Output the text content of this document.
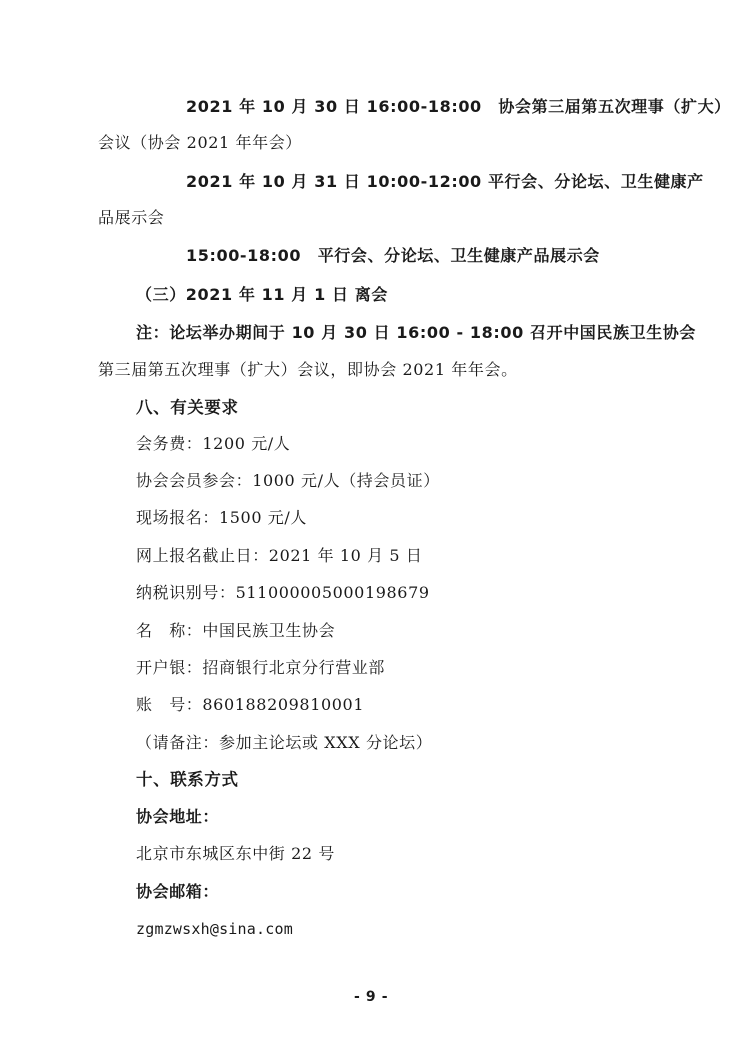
2021 年 10 月 30 日 16:00-18:00　协会第三届第五次理事（扩大）
会议（协会 2021 年年会）
2021 年 10 月 31 日 10:00-12:00 平行会、分论坛、卫生健康产
品展示会
15:00-18:00　平行会、分论坛、卫生健康产品展示会
（三）2021 年 11 月 1 日 离会
注：论坛举办期间于 10 月 30 日 16:00 - 18:00 召开中国民族卫生协会
第三届第五次理事（扩大）会议，即协会 2021 年年会。
八、有关要求
会务费：1200 元/人
协会会员参会：1000 元/人（持会员证）
现场报名：1500 元/人
网上报名截止日：2021 年 10 月 5 日
纳税识别号：511000005000198679
名　称：中国民族卫生协会
开户银：招商银行北京分行营业部
账　号：860188209810001
（请备注：参加主论坛或 XXX 分论坛）
十、联系方式
协会地址：
北京市东城区东中街 22 号
协会邮箱：
zgmzwsxh@sina.com
- 9 -
